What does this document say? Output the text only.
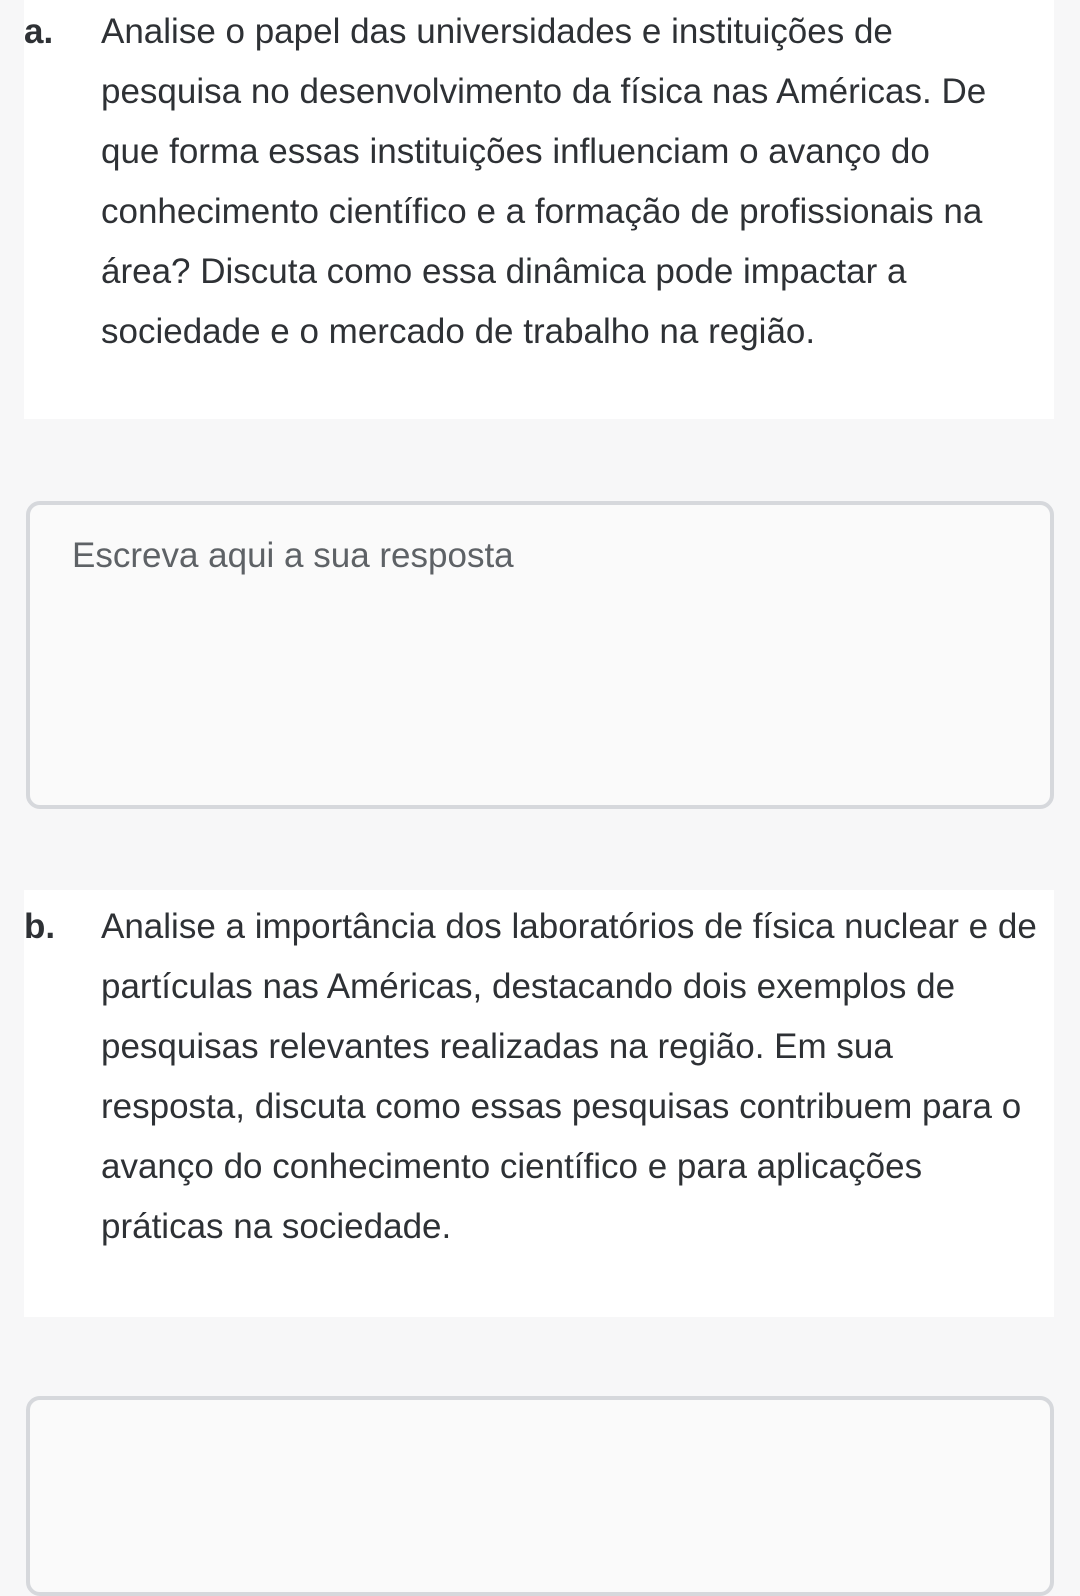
a.	Analise o papel das universidades e instituições de pesquisa no desenvolvimento da física nas Américas. De que forma essas instituições influenciam o avanço do conhecimento científico e a formação de profissionais na área? Discuta como essa dinâmica pode impactar a sociedade e o mercado de trabalho na região.
Escreva aqui a sua resposta
b.	Analise a importância dos laboratórios de física nuclear e de partículas nas Américas, destacando dois exemplos de pesquisas relevantes realizadas na região. Em sua resposta, discuta como essas pesquisas contribuem para o avanço do conhecimento científico e para aplicações práticas na sociedade.
